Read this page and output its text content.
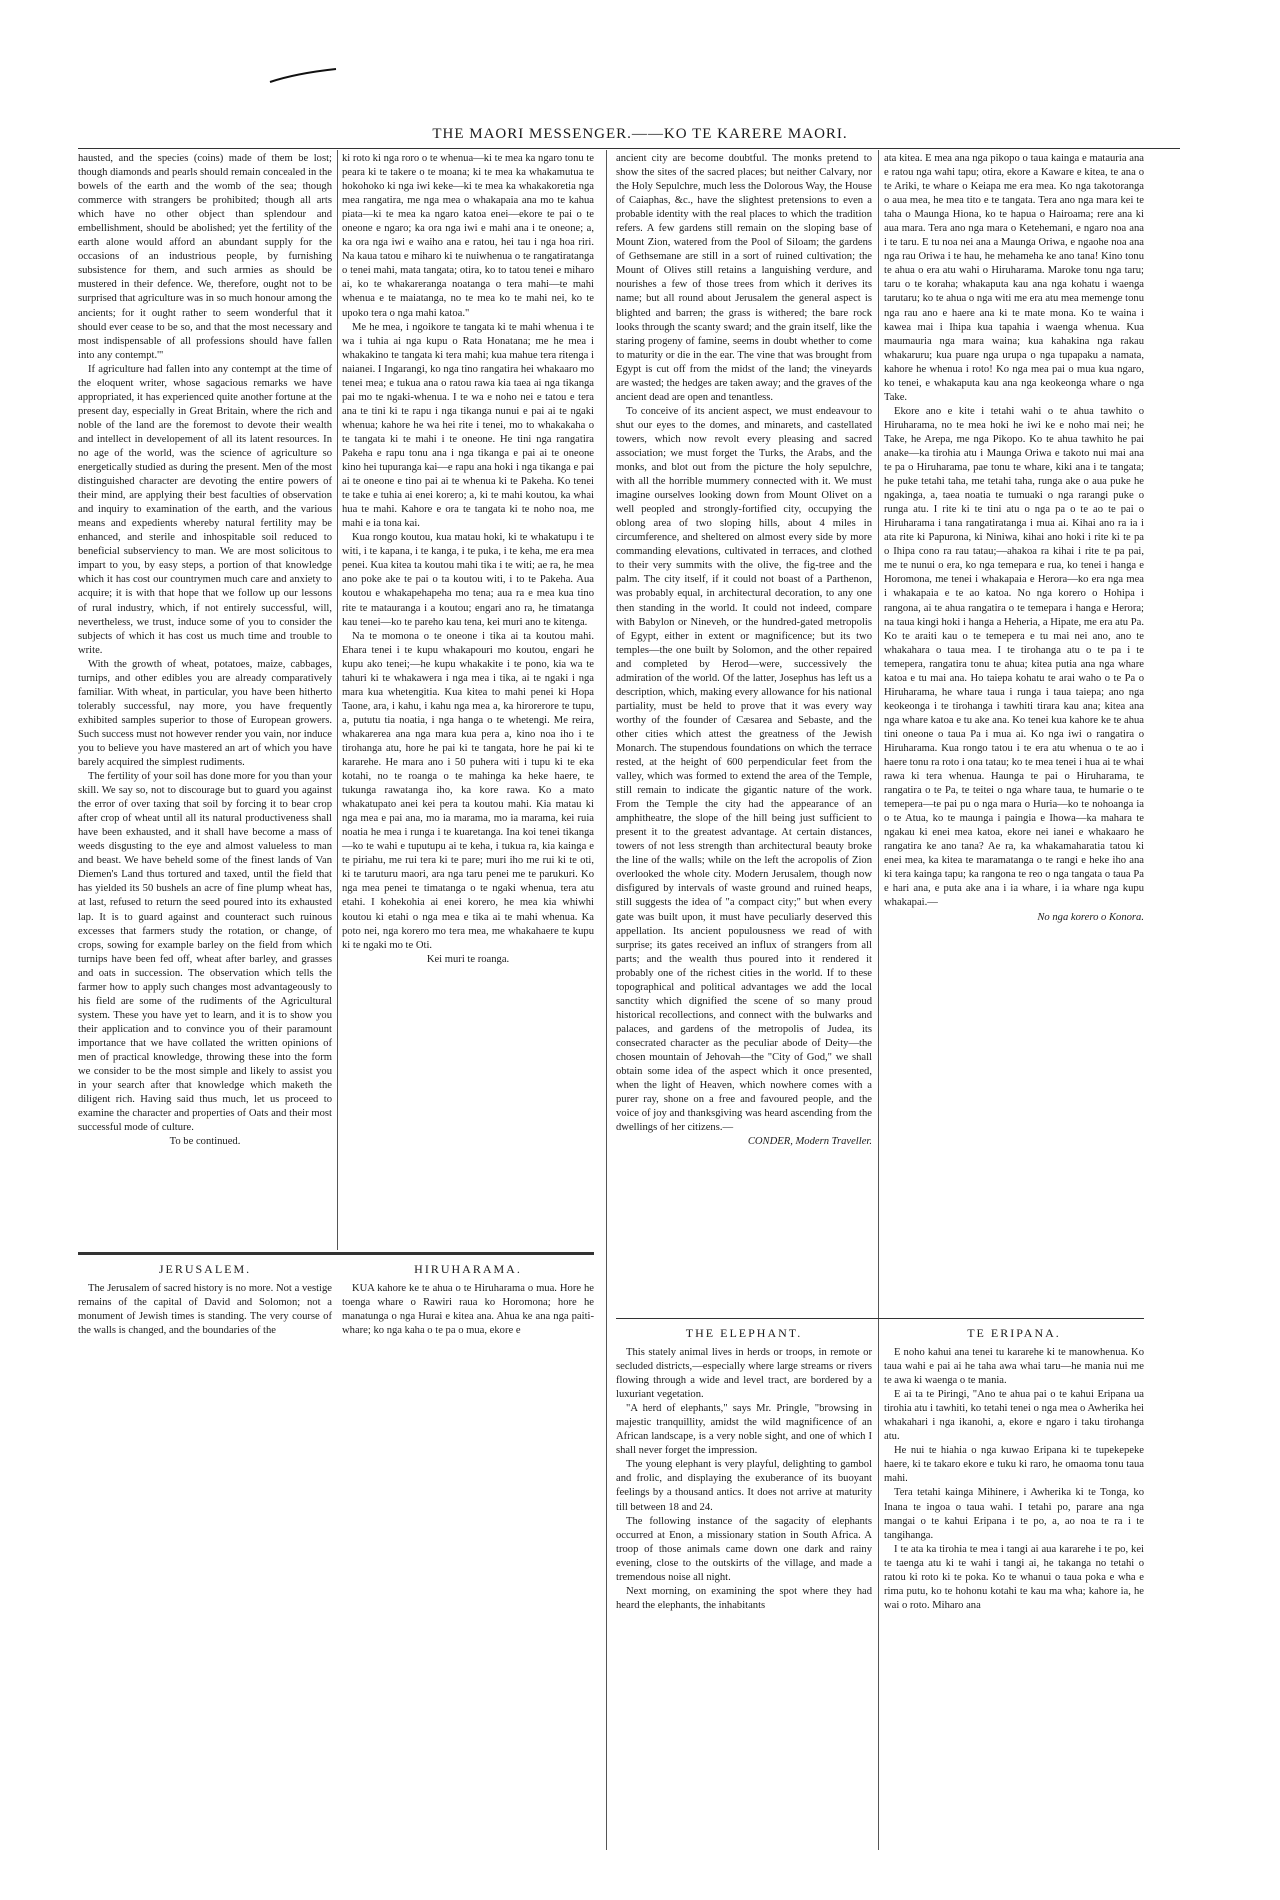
THE MAORI MESSENGER.——KO TE KARERE MAORI.

hausted, and the species (coins) made of them be lost; though diamonds and pearls should remain concealed in the bowels of the earth and the womb of the sea; though commerce with strangers be prohibited; though all arts which have no other object than splendour and embellishment, should be abolished; yet the fertility of the earth alone would afford an abundant supply for the occasions of an industrious people, by furnishing subsistence for them, and such armies as should be mustered in their defence. We, therefore, ought not to be surprised that agriculture was in so much honour among the ancients; for it ought rather to seem wonderful that it should ever cease to be so, and that the most necessary and most indispensable of all professions should have fallen into any contempt.'"

If agriculture had fallen into any contempt at the time of the eloquent writer, whose sagacious remarks we have appropriated, it has experienced quite another fortune at the present day, especially in Great Britain, where the rich and noble of the land are the foremost to devote their wealth and intellect in developement of all its latent resources. In no age of the world, was the science of agriculture so energetically studied as during the present. Men of the most distinguished character are devoting the entire powers of their mind, are applying their best faculties of observation and inquiry to examination of the earth, and the various means and expedients whereby natural fertility may be enhanced, and sterile and inhospitable soil reduced to beneficial subserviency to man. We are most solicitous to impart to you, by easy steps, a portion of that knowledge which it has cost our countrymen much care and anxiety to acquire; it is with that hope that we follow up our lessons of rural industry, which, if not entirely successful, will, nevertheless, we trust, induce some of you to consider the subjects of which it has cost us much time and trouble to write.

With the growth of wheat, potatoes, maize, cabbages, turnips, and other edibles you are already comparatively familiar. With wheat, in particular, you have been hitherto tolerably successful, nay more, you have frequently exhibited samples superior to those of European growers. Such success must not however render you vain, nor induce you to believe you have mastered an art of which you have barely acquired the simplest rudiments.

The fertility of your soil has done more for you than your skill. We say so, not to discourage but to guard you against the error of over taxing that soil by forcing it to bear crop after crop of wheat until all its natural productiveness shall have been exhausted, and it shall have become a mass of weeds disgusting to the eye and almost valueless to man and beast. We have beheld some of the finest lands of Van Diemen's Land thus tortured and taxed, until the field that has yielded its 50 bushels an acre of fine plump wheat has, at last, refused to return the seed poured into its exhausted lap. It is to guard against and counteract such ruinous excesses that farmers study the rotation, or change, of crops, sowing for example barley on the field from which turnips have been fed off, wheat after barley, and grasses and oats in succession. The observation which tells the farmer how to apply such changes most advantageously to his field are some of the rudiments of the Agricultural system. These you have yet to learn, and it is to show you their application and to convince you of their paramount importance that we have collated the written opinions of men of practical knowledge, throwing these into the form we consider to be the most simple and likely to assist you in your search after that knowledge which maketh the diligent rich. Having said thus much, let us proceed to examine the character and properties of Oats and their most successful mode of culture.

To be continued.

ki roto ki nga roro o te whenua—ki te mea ka ngaro tonu te peara ki te takere o te moana; ki te mea ka whakamutua te hokohoko ki nga iwi keke—ki te mea ka whakakoretia nga mea rangatira, me nga mea o whakapaia ana mo te kahua piata—ki te mea ka ngaro katoa enei—ekore te pai o te oneone e ngaro; ka ora nga iwi e mahi ana i te oneone; a, ka ora nga iwi e waiho ana e ratou, hei tau i nga hoa riri. Na kaua tatou e miharo ki te nuiwhenua o te rangatiratanga o tenei mahi, mata tangata; otira, ko to tatou tenei e miharo ai, ko te whakareranga noatanga o tera mahi—te mahi whenua e te maiatanga, no te mea ko te mahi nei, ko te upoko tera o nga mahi katoa."

Me he mea, i ngoikore te tangata ki te mahi whenua i te wa i tuhia ai nga kupu o Rata Honatana; me he mea i whakakino te tangata ki tera mahi; kua mahue tera ritenga i naianei. I Ingarangi, ko nga tino rangatira hei whakaaro mo tenei mea; e tukua ana o ratou rawa kia taea ai nga tikanga pai mo te ngaki-whenua. I te wa e noho nei e tatou e tera ana te tini ki te rapu i nga tikanga nunui e pai ai te ngaki whenua; kahore he wa hei rite i tenei, mo to whakakaha o te tangata ki te mahi i te oneone. He tini nga rangatira Pakeha e rapu tonu ana i nga tikanga e pai ai te oneone kino hei tupuranga kai—e rapu ana hoki i nga tikanga e pai ai te oneone e tino pai ai te whenua ki te Pakeha. Ko tenei te take e tuhia ai enei korero; a, ki te mahi koutou, ka whai hua te mahi. Kahore e ora te tangata ki te noho noa, me mahi e ia tona kai.

Kua rongo koutou, kua matau hoki, ki te whakatupu i te witi, i te kapana, i te kanga, i te puka, i te keha, me era mea penei. Kua kitea ta koutou mahi tika i te witi; ae ra, he mea ano poke ake te pai o ta koutou witi, i to te Pakeha. Aua koutou e whakapehapeha mo tena; aua ra e mea kua tino rite te matauranga i a koutou; engari ano ra, he timatanga kau tenei—ko te pareho kau tena, kei muri ano te kitenga.

Na te momona o te oneone i tika ai ta koutou mahi. Ehara tenei i te kupu whakapouri mo koutou, engari he kupu ako tenei;—he kupu whakakite i te pono, kia wa te tahuri ki te whakawera i nga mea i tika, ai te ngaki i nga mara kua whetengitia. Kua kitea to mahi penei ki Hopa Taone, ara, i kahu, i kahu nga mea a, ka hirorerore te tupu, a, pututu tia noatia, i nga hanga o te whetengi. Me reira, whakarerea ana nga mara kua pera a, kino noa iho i te tirohanga atu, hore he pai ki te tangata, hore he pai ki te kararehe. He mara ano i 50 puhera witi i tupu ki te eka kotahi, no te roanga o te mahinga ka heke haere, te tukunga rawatanga iho, ka kore rawa. Ko a mato whakatupato anei kei pera ta koutou mahi. Kia matau ki nga mea e pai ana, mo ia marama, mo ia marama, kei ruia noatia he mea i runga i te kuaretanga. Ina koi tenei tikanga—ko te wahi e tuputupu ai te keha, i tukua ra, kia kainga e te piriahu, me rui tera ki te pare; muri iho me rui ki te oti, ki te taruturu maori, ara nga taru penei me te parukuri. Ko nga mea penei te timatanga o te ngaki whenua, tera atu etahi. I kohekohia ai enei korero, he mea kia whiwhi koutou ki etahi o nga mea e tika ai te mahi whenua. Ka poto nei, nga korero mo tera mea, me whakahaere te kupu ki te ngaki mo te Oti.

Kei muri te roanga.

ancient city are become doubtful. The monks pretend to show the sites of the sacred places; but neither Calvary, nor the Holy Sepulchre, much less the Dolorous Way, the House of Caiaphas, &c., have the slightest pretensions to even a probable identity with the real places to which the tradition refers. A few gardens still remain on the sloping base of Mount Zion, watered from the Pool of Siloam; the gardens of Gethsemane are still in a sort of ruined cultivation; the Mount of Olives still retains a languishing verdure, and nourishes a few of those trees from which it derives its name; but all round about Jerusalem the general aspect is blighted and barren; the grass is withered; the bare rock looks through the scanty sward; and the grain itself, like the staring progeny of famine, seems in doubt whether to come to maturity or die in the ear. The vine that was brought from Egypt is cut off from the midst of the land; the vineyards are wasted; the hedges are taken away; and the graves of the ancient dead are open and tenantless.

To conceive of its ancient aspect, we must endeavour to shut our eyes to the domes, and minarets, and castellated towers, which now revolt every pleasing and sacred association; we must forget the Turks, the Arabs, and the monks, and blot out from the picture the holy sepulchre, with all the horrible mummery connected with it. We must imagine ourselves looking down from Mount Olivet on a well peopled and strongly-fortified city, occupying the oblong area of two sloping hills, about 4 miles in circumference, and sheltered on almost every side by more commanding elevations, cultivated in terraces, and clothed to their very summits with the olive, the fig-tree and the palm. The city itself, if it could not boast of a Parthenon, was probably equal, in architectural decoration, to any one then standing in the world. It could not indeed, compare with Babylon or Nineveh, or the hundred-gated metropolis of Egypt, either in extent or magnificence; but its two temples—the one built by Solomon, and the other repaired and completed by Herod—were, successively the admiration of the world. Of the latter, Josephus has left us a description, which, making every allowance for his national partiality, must be held to prove that it was every way worthy of the founder of Cæsarea and Sebaste, and the other cities which attest the greatness of the Jewish Monarch. The stupendous foundations on which the terrace rested, at the height of 600 perpendicular feet from the valley, which was formed to extend the area of the Temple, still remain to indicate the gigantic nature of the work. From the Temple the city had the appearance of an amphitheatre, the slope of the hill being just sufficient to present it to the greatest advantage. At certain distances, towers of not less strength than architectural beauty broke the line of the walls; while on the left the acropolis of Zion overlooked the whole city. Modern Jerusalem, though now disfigured by intervals of waste ground and ruined heaps, still suggests the idea of "a compact city;" but when every gate was built upon, it must have peculiarly deserved this appellation. Its ancient populousness we read of with surprise; its gates received an influx of strangers from all parts; and the wealth thus poured into it rendered it probably one of the richest cities in the world. If to these topographical and political advantages we add the local sanctity which dignified the scene of so many proud historical recollections, and connect with the bulwarks and palaces, and gardens of the metropolis of Judea, its consecrated character as the peculiar abode of Deity—the chosen mountain of Jehovah—the "City of God," we shall obtain some idea of the aspect which it once presented, when the light of Heaven, which nowhere comes with a purer ray, shone on a free and favoured people, and the voice of joy and thanksgiving was heard ascending from the dwellings of her citizens.—

CONDER, Modern Traveller.

ata kitea. E mea ana nga pikopo o taua kainga e matauria ana e ratou nga wahi tapu; otira, ekore a Kaware e kitea, te ana o te Ariki, te whare o Keiapa me era mea. Ko nga takotoranga o aua mea, he mea tito e te tangata. Tera ano nga mara kei te taha o Maunga Hiona, ko te hapua o Hairoama; rere ana ki aua mara. Tera ano nga mara o Ketehemani, e ngaro noa ana i te taru. E tu noa nei ana a Maunga Oriwa, e ngaohe noa ana nga rau Oriwa i te hau, he mehameha ke ano tana! Kino tonu te ahua o era atu wahi o Hiruharama. Maroke tonu nga taru; taru o te koraha; whakaputa kau ana nga kohatu i waenga tarutaru; ko te ahua o nga witi me era atu mea memenge tonu nga rau ano e haere ana ki te mate mona. Ko te waina i kawea mai i Ihipa kua tapahia i waenga whenua. Kua maumauria nga mara waina; kua kahakina nga rakau whakaruru; kua puare nga urupa o nga tupapaku a namata, kahore he whenua i roto! Ko nga mea pai o mua kua ngaro, ko tenei, e whakaputa kau ana nga keokeonga whare o nga Take.

Ekore ano e kite i tetahi wahi o te ahua tawhito o Hiruharama, no te mea hoki he iwi ke e noho mai nei; he Take, he Arepa, me nga Pikopo. Ko te ahua tawhito he pai anake—ka tirohia atu i Maunga Oriwa e takoto nui mai ana te pa o Hiruharama, pae tonu te whare, kiki ana i te tangata; he puke tetahi taha, me tetahi taha, runga ake o aua puke he ngakinga, a, taea noatia te tumuaki o nga rarangi puke o runga atu. I rite ki te tini atu o nga pa o te ao te pai o Hiruharama i tana rangatiratanga i mua ai. Kihai ano ra ia i ata rite ki Papurona, ki Niniwa, kihai ano hoki i rite ki te pa o Ihipa cono ra rau tatau;—ahakoa ra kihai i rite te pa pai, me te nunui o era, ko nga temepara e rua, ko tenei i hanga e Horomona, me tenei i whakapaia e Herora—ko era nga mea i whakapaia e te ao katoa. No nga korero o Hohipa i rangona, ai te ahua rangatira o te temepara i hanga e Herora; na taua kingi hoki i hanga a Heheria, a Hipate, me era atu Pa. Ko te araiti kau o te temepera e tu mai nei ano, ano te whakahara o taua mea. I te tirohanga atu o te pa i te temepera, rangatira tonu te ahua; kitea putia ana nga whare katoa e tu mai ana. Ho taiepa kohatu te arai waho o te Pa o Hiruharama, he whare taua i runga i taua taiepa; ano nga keokeonga i te tirohanga i tawhiti tirara kau ana; kitea ana nga whare katoa e tu ake ana. Ko tenei kua kahore ke te ahua tini oneone o taua Pa i mua ai. Ko nga iwi o rangatira o Hiruharama. Kua rongo tatou i te era atu whenua o te ao i haere tonu ra roto i ona tatau; ko te mea tenei i hua ai te whai rawa ki tera whenua. Haunga te pai o Hiruharama, te rangatira o te Pa, te teitei o nga whare taua, te humarie o te temepera—te pai pu o nga mara o Huria—ko te nohoanga ia o te Atua, ko te maunga i paingia e Ihowa—ka mahara te ngakau ki enei mea katoa, ekore nei ianei e whakaaro he rangatira ke ano tana? Ae ra, ka whakamaharatia tatou ki enei mea, ka kitea te maramatanga o te rangi e heke iho ana ki tera kainga tapu; ka rangona te reo o nga tangata o taua Pa e hari ana, e puta ake ana i ia whare, i ia whare nga kupu whakapai.—

No nga korero o Konora.

JERUSALEM.

The Jerusalem of sacred history is no more. Not a vestige remains of the capital of David and Solomon; not a monument of Jewish times is standing. The very course of the walls is changed, and the boundaries of the

HIRUHARAMA.

KUA kahore ke te ahua o te Hiruharama o mua. Hore he toenga whare o Rawiri raua ko Horomona; hore he manatunga o nga Hurai e kitea ana. Ahua ke ana nga paiti-whare; ko nga kaha o te pa o mua, ekore e	THE ELEPHANT.

This stately animal lives in herds or troops, in remote or secluded districts,—especially where large streams or rivers flowing through a wide and level tract, are bordered by a luxuriant vegetation.

"A herd of elephants," says Mr. Pringle, "browsing in majestic tranquillity, amidst the wild magnificence of an African landscape, is a very noble sight, and one of which I shall never forget the impression.

The young elephant is very playful, delighting to gambol and frolic, and displaying the exuberance of its buoyant feelings by a thousand antics. It does not arrive at maturity till between 18 and 24.

The following instance of the sagacity of elephants occurred at Enon, a missionary station in South Africa. A troop of those animals came down one dark and rainy evening, close to the outskirts of the village, and made a tremendous noise all night.

Next morning, on examining the spot where they had heard the elephants, the inhabitants

TE ERIPANA.

E noho kahui ana tenei tu kararehe ki te manowhenua. Ko taua wahi e pai ai he taha awa whai taru—he mania nui me te awa ki waenga o te mania.

E ai ta te Piringi, "Ano te ahua pai o te kahui Eripana ua tirohia atu i tawhiti, ko tetahi tenei o nga mea o Awherika hei whakahari i nga ikanohi, a, ekore e ngaro i taku tirohanga atu.

He nui te hiahia o nga kuwao Eripana ki te tupekepeke haere, ki te takaro ekore e tuku ki raro, he omaoma tonu taua mahi.

Tera tetahi kainga Mihinere, i Awherika ki te Tonga, ko Inana te ingoa o taua wahi. I tetahi po, parare ana nga mangai o te kahui Eripana i te po, a, ao noa te ra i te tangihanga.

I te ata ka tirohia te mea i tangi ai aua kararehe i te po, kei te taenga atu ki te wahi i tangi ai, he takanga no tetahi o ratou ki roto ki te poka. Ko te whanui o taua poka e wha e rima putu, ko te hohonu kotahi te kau ma wha; kahore ia, he wai o roto. Miharo ana
